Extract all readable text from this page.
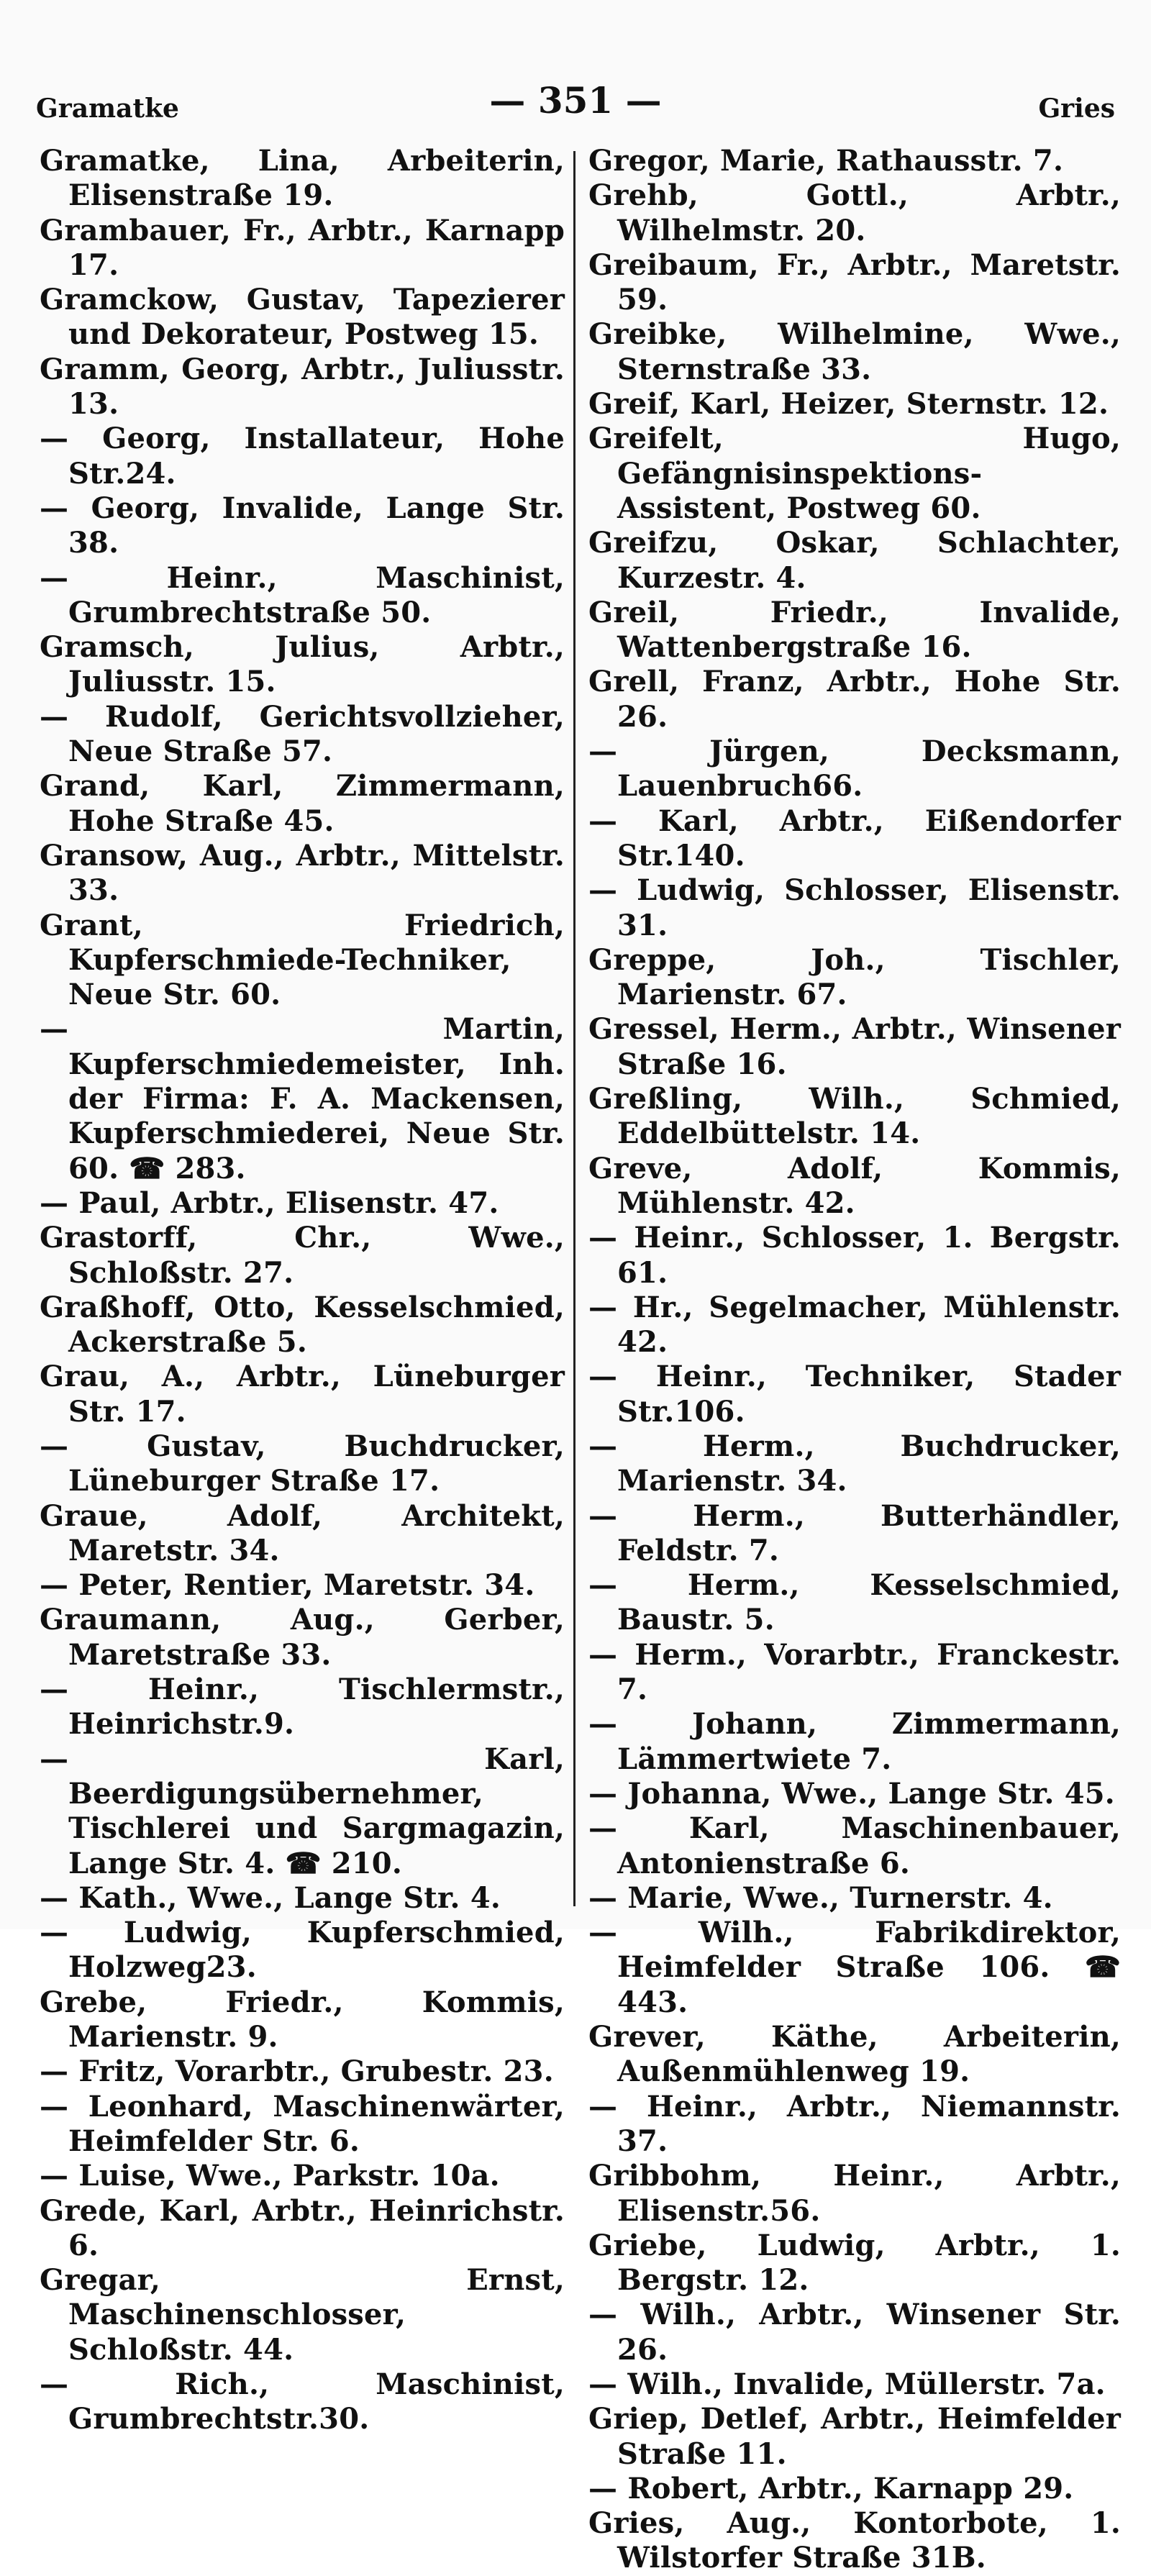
Gramatke	— 351 —	Gries

Gramatke, Lina, Arbeiterin, Elisenstraße 19.

Grambauer, Fr., Arbtr., Karnapp 17.

Gramckow, Gustav, Tapezierer und Dekorateur, Postweg 15.

Gramm, Georg, Arbtr., Juliusstr. 13.

— Georg, Installateur, Hohe Str.24.

— Georg, Invalide, Lange Str. 38.

— Heinr., Maschinist, Grumbrechtstraße 50.

Gramsch, Julius, Arbtr., Juliusstr. 15.

— Rudolf, Gerichtsvollzieher, Neue Straße 57.

Grand, Karl, Zimmermann, Hohe Straße 45.

Gransow, Aug., Arbtr., Mittelstr. 33.

Grant, Friedrich, Kupferschmiede-Techniker, Neue Str. 60.

— Martin, Kupferschmiedemeister, Inh. der Firma: F. A. Mackensen, Kupferschmiederei, Neue Str. 60. ☎ 283.

— Paul, Arbtr., Elisenstr. 47.

Grastorff, Chr., Wwe., Schloßstr. 27.

Graßhoff, Otto, Kesselschmied, Ackerstraße 5.

Grau, A., Arbtr., Lüneburger Str. 17.

— Gustav, Buchdrucker, Lüneburger Straße 17.

Graue, Adolf, Architekt, Maretstr. 34.

— Peter, Rentier, Maretstr. 34.

Graumann, Aug., Gerber, Maretstraße 33.

— Heinr., Tischlermstr., Heinrichstr.9.

— Karl, Beerdigungsübernehmer, Tischlerei und Sargmagazin, Lange Str. 4. ☎ 210.

— Kath., Wwe., Lange Str. 4.

— Ludwig, Kupferschmied, Holzweg23.

Grebe, Friedr., Kommis, Marienstr. 9.

— Fritz, Vorarbtr., Grubestr. 23.

— Leonhard, Maschinenwärter, Heimfelder Str. 6.

— Luise, Wwe., Parkstr. 10a.

Grede, Karl, Arbtr., Heinrichstr. 6.

Gregar, Ernst, Maschinenschlosser, Schloßstr. 44.

— Rich., Maschinist, Grumbrechtstr.30.

Gregor, Marie, Rathausstr. 7.

Grehb, Gottl., Arbtr., Wilhelmstr. 20.

Greibaum, Fr., Arbtr., Maretstr. 59.

Greibke, Wilhelmine, Wwe., Sternstraße 33.

Greif, Karl, Heizer, Sternstr. 12.

Greifelt, Hugo, Gefängnisinspektions-Assistent, Postweg 60.

Greifzu, Oskar, Schlachter, Kurzestr. 4.

Greil, Friedr., Invalide, Wattenbergstraße 16.

Grell, Franz, Arbtr., Hohe Str. 26.

— Jürgen, Decksmann, Lauenbruch66.

— Karl, Arbtr., Eißendorfer Str.140.

— Ludwig, Schlosser, Elisenstr. 31.

Greppe, Joh., Tischler, Marienstr. 67.

Gressel, Herm., Arbtr., Winsener Straße 16.

Greßling, Wilh., Schmied, Eddelbüttelstr. 14.

Greve, Adolf, Kommis, Mühlenstr. 42.

— Heinr., Schlosser, 1. Bergstr. 61.

— Hr., Segelmacher, Mühlenstr. 42.

— Heinr., Techniker, Stader Str.106.

— Herm., Buchdrucker, Marienstr. 34.

— Herm., Butterhändler, Feldstr. 7.

— Herm., Kesselschmied, Baustr. 5.

— Herm., Vorarbtr., Franckestr. 7.

— Johann, Zimmermann, Lämmertwiete 7.

— Johanna, Wwe., Lange Str. 45.

— Karl, Maschinenbauer, Antonienstraße 6.

— Marie, Wwe., Turnerstr. 4.

— Wilh., Fabrikdirektor, Heimfelder Straße 106. ☎ 443.

Grever, Käthe, Arbeiterin, Außenmühlenweg 19.

— Heinr., Arbtr., Niemannstr. 37.

Gribbohm, Heinr., Arbtr., Elisenstr.56.

Griebe, Ludwig, Arbtr., 1. Bergstr. 12.

— Wilh., Arbtr., Winsener Str. 26.

— Wilh., Invalide, Müllerstr. 7a.

Griep, Detlef, Arbtr., Heimfelder Straße 11.

— Robert, Arbtr., Karnapp 29.

Gries, Aug., Kontorbote, 1. Wilstorfer Straße 31B.
